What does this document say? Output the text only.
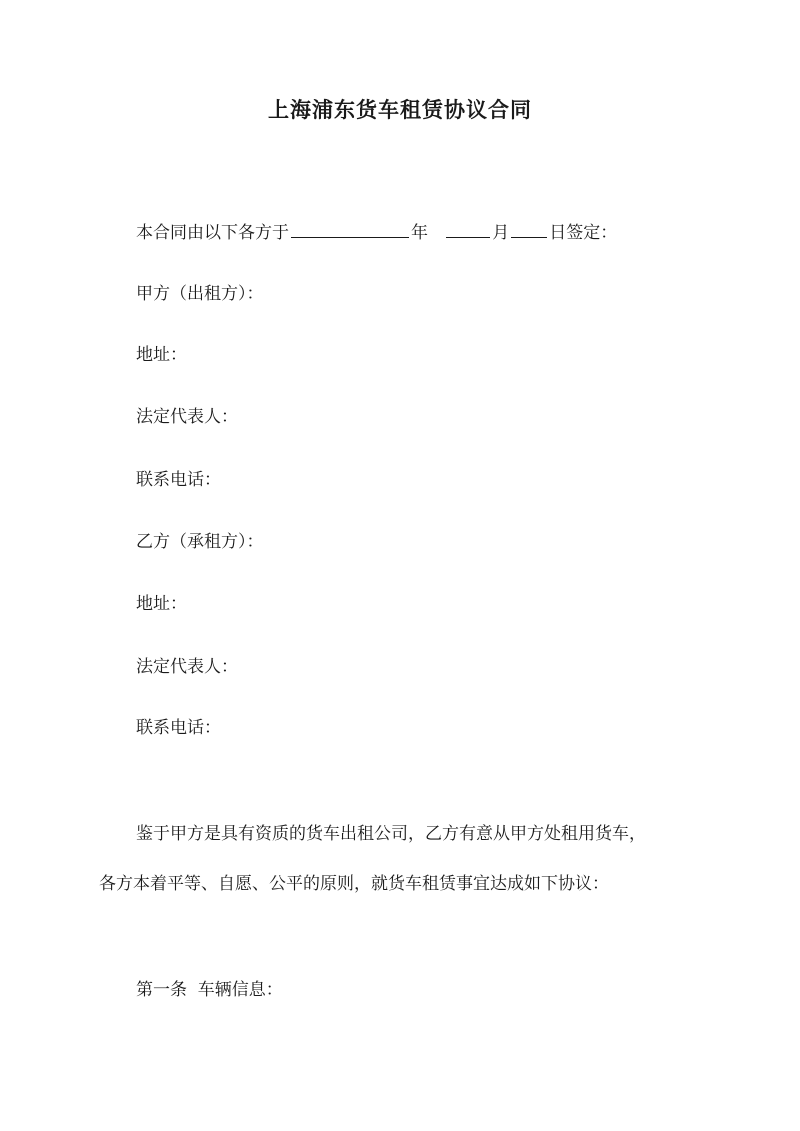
上海浦东货车租赁协议合同

本合同由以下各方于	年	月 日签定：

甲方（出租方）：

地址：

法定代表人：

联系电话：

乙方（承租方）：

地址：

法定代表人：

联系电话：

鉴于甲方是具有资质的货车出租公司，乙方有意从甲方处租用货车，

各方本着平等、自愿、公平的原则，就货车租赁事宜达成如下协议：

第一条  车辆信息：
